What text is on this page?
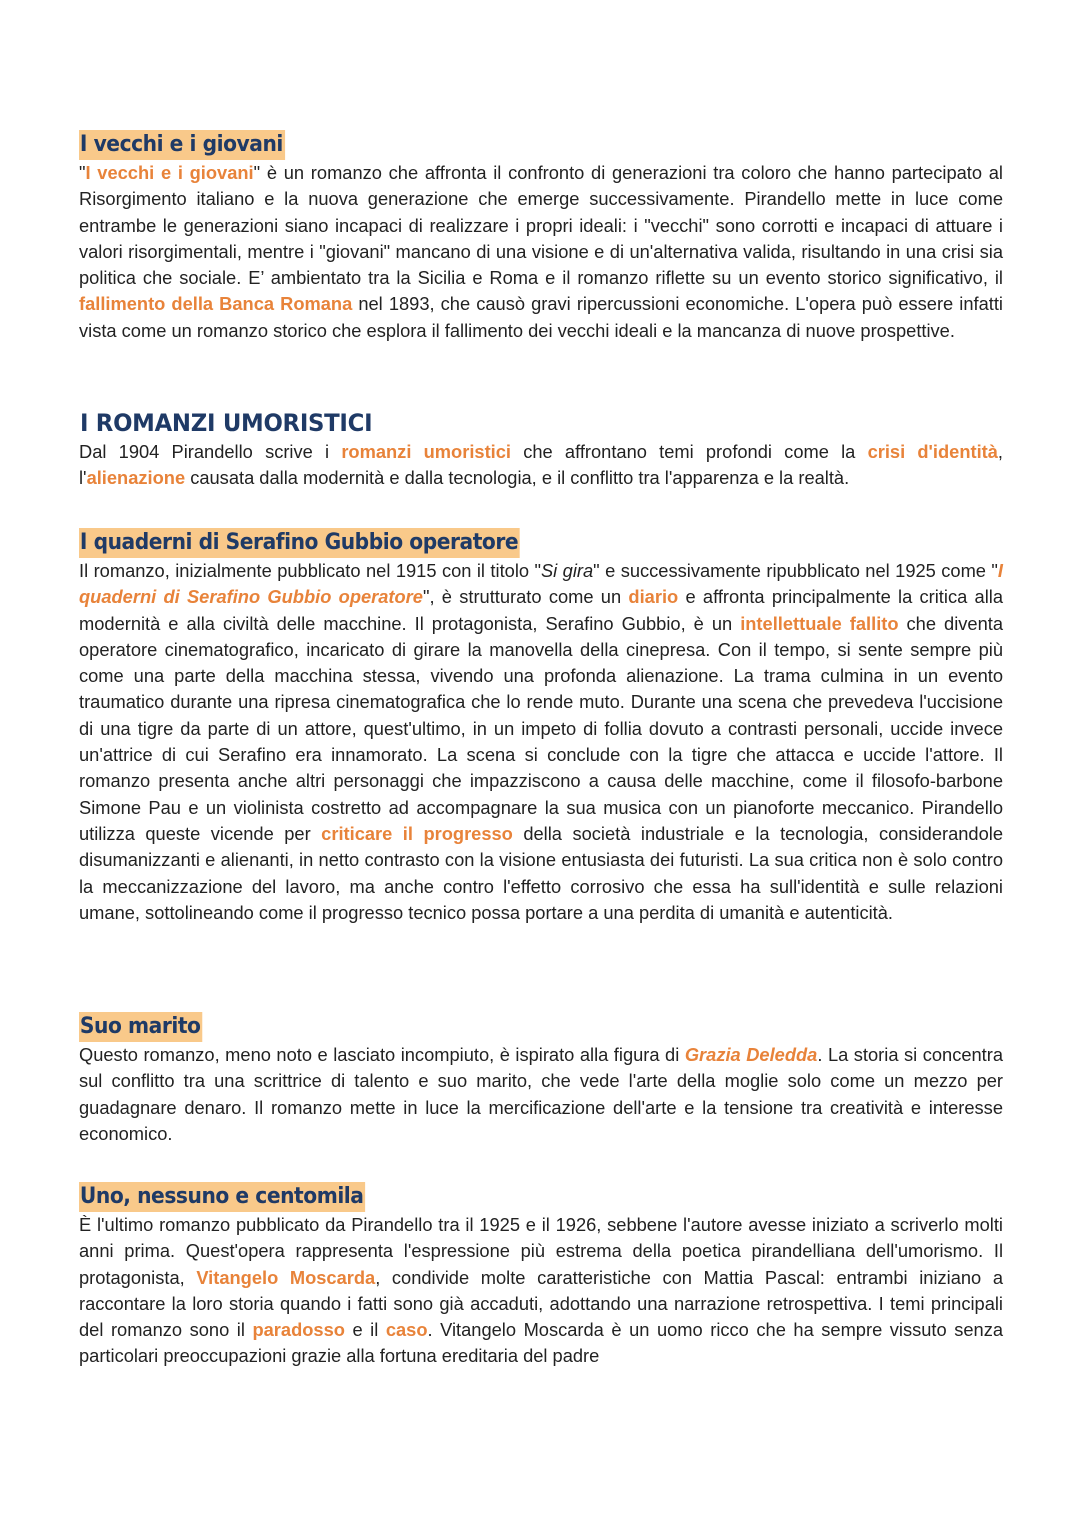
I vecchi e i giovani

"I vecchi e i giovani" è un romanzo che affronta il confronto di generazioni tra coloro che hanno partecipato al Risorgimento italiano e la nuova generazione che emerge successivamente. Pirandello mette in luce come entrambe le generazioni siano incapaci di realizzare i propri ideali: i "vecchi" sono corrotti e incapaci di attuare i valori risorgimentali, mentre i "giovani" mancano di una visione e di un'alternativa valida, risultando in una crisi sia politica che sociale. E’ ambientato tra la Sicilia e Roma e il romanzo riflette su un evento storico significativo, il fallimento della Banca Romana nel 1893, che causò gravi ripercussioni economiche. L'opera può essere infatti vista come un romanzo storico che esplora il fallimento dei vecchi ideali e la mancanza di nuove prospettive.

I ROMANZI UMORISTICI

Dal 1904 Pirandello scrive i romanzi umoristici che affrontano temi profondi come la crisi d'identità, l'alienazione causata dalla modernità e dalla tecnologia, e il conflitto tra l'apparenza e la realtà.

I quaderni di Serafino Gubbio operatore

Il romanzo, inizialmente pubblicato nel 1915 con il titolo "Si gira" e successivamente ripubblicato nel 1925 come "I quaderni di Serafino Gubbio operatore", è strutturato come un diario e affronta principalmente la critica alla modernità e alla civiltà delle macchine. Il protagonista, Serafino Gubbio, è un intellettuale fallito che diventa operatore cinematografico, incaricato di girare la manovella della cinepresa. Con il tempo, si sente sempre più come una parte della macchina stessa, vivendo una profonda alienazione. La trama culmina in un evento traumatico durante una ripresa cinematografica che lo rende muto. Durante una scena che prevedeva l'uccisione di una tigre da parte di un attore, quest'ultimo, in un impeto di follia dovuto a contrasti personali, uccide invece un'attrice di cui Serafino era innamorato. La scena si conclude con la tigre che attacca e uccide l'attore. Il romanzo presenta anche altri personaggi che impazziscono a causa delle macchine, come il filosofo-barbone Simone Pau e un violinista costretto ad accompagnare la sua musica con un pianoforte meccanico. Pirandello utilizza queste vicende per criticare il progresso della società industriale e la tecnologia, considerandole disumanizzanti e alienanti, in netto contrasto con la visione entusiasta dei futuristi. La sua critica non è solo contro la meccanizzazione del lavoro, ma anche contro l'effetto corrosivo che essa ha sull'identità e sulle relazioni umane, sottolineando come il progresso tecnico possa portare a una perdita di umanità e autenticità.

Suo marito

Questo romanzo, meno noto e lasciato incompiuto, è ispirato alla figura di Grazia Deledda. La storia si concentra sul conflitto tra una scrittrice di talento e suo marito, che vede l'arte della moglie solo come un mezzo per guadagnare denaro. Il romanzo mette in luce la mercificazione dell'arte e la tensione tra creatività e interesse economico.

Uno, nessuno e centomila

È l'ultimo romanzo pubblicato da Pirandello tra il 1925 e il 1926, sebbene l'autore avesse iniziato a scriverlo molti anni prima. Quest'opera rappresenta l'espressione più estrema della poetica pirandelliana dell'umorismo. Il protagonista, Vitangelo Moscarda, condivide molte caratteristiche con Mattia Pascal: entrambi iniziano a raccontare la loro storia quando i fatti sono già accaduti, adottando una narrazione retrospettiva. I temi principali del romanzo sono il paradosso e il caso. Vitangelo Moscarda è un uomo ricco che ha sempre vissuto senza particolari preoccupazioni grazie alla fortuna ereditaria del padre
